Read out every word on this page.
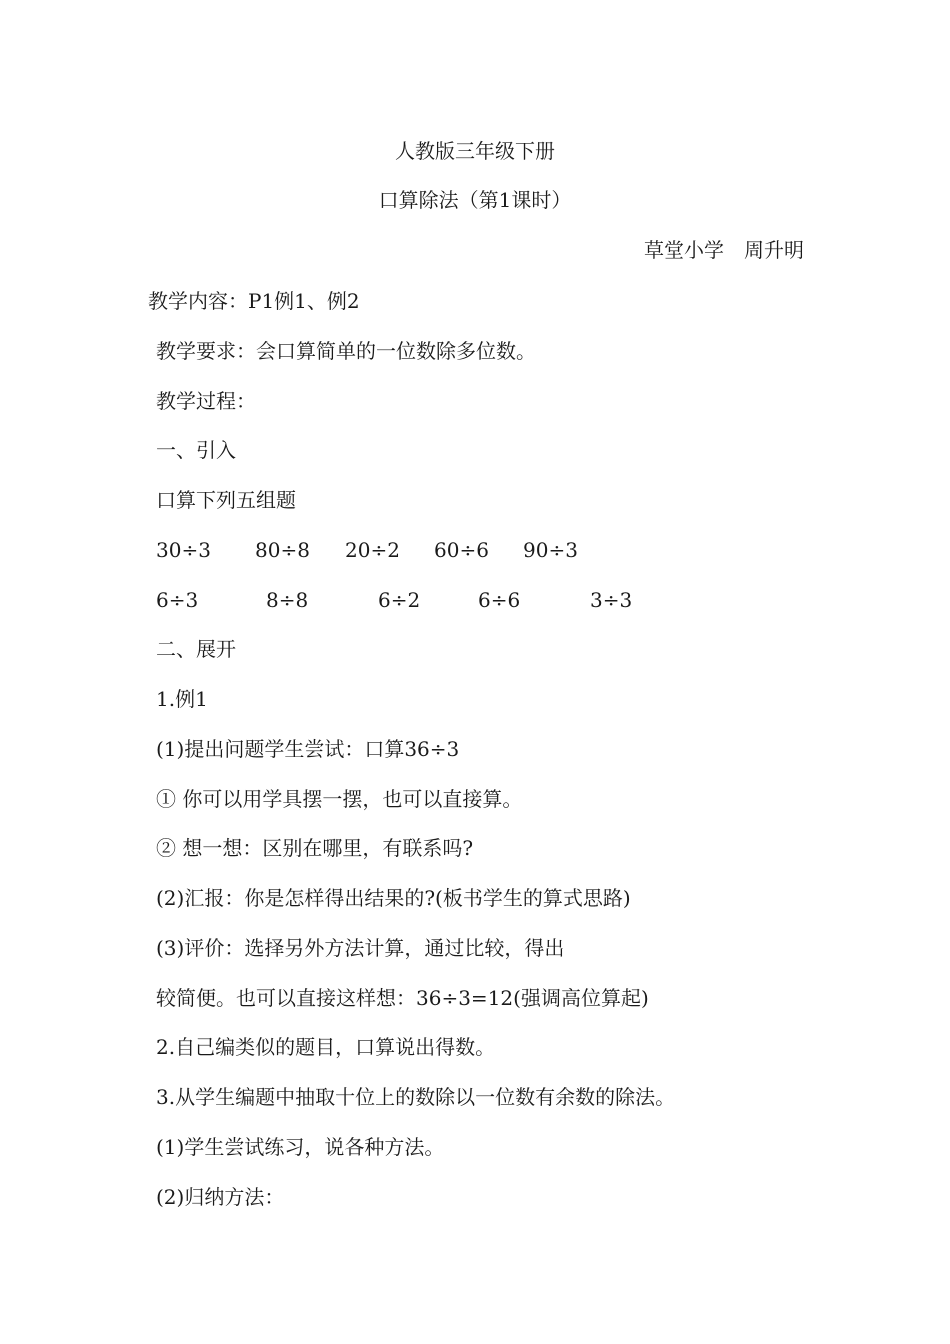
人教版三年级下册
口算除法（第1课时）
草堂小学　周升明
教学内容：P1例1、例2
教学要求：会口算简单的一位数除多位数。
教学过程：
一、引入
口算下列五组题
30÷3 80÷8 20÷2 60÷6 90÷3
6÷3	8÷8	6÷2	6÷6	3÷3
二、展开
1.例1
(1)提出问题学生尝试：口算36÷3
① 你可以用学具摆一摆，也可以直接算。
② 想一想：区别在哪里，有联系吗?
(2)汇报：你是怎样得出结果的?(板书学生的算式思路)
(3)评价：选择另外方法计算，通过比较，得出
较简便。也可以直接这样想：36÷3=12(强调高位算起)
2.自己编类似的题目，口算说出得数。
3.从学生编题中抽取十位上的数除以一位数有余数的除法。
(1)学生尝试练习，说各种方法。
(2)归纳方法：
